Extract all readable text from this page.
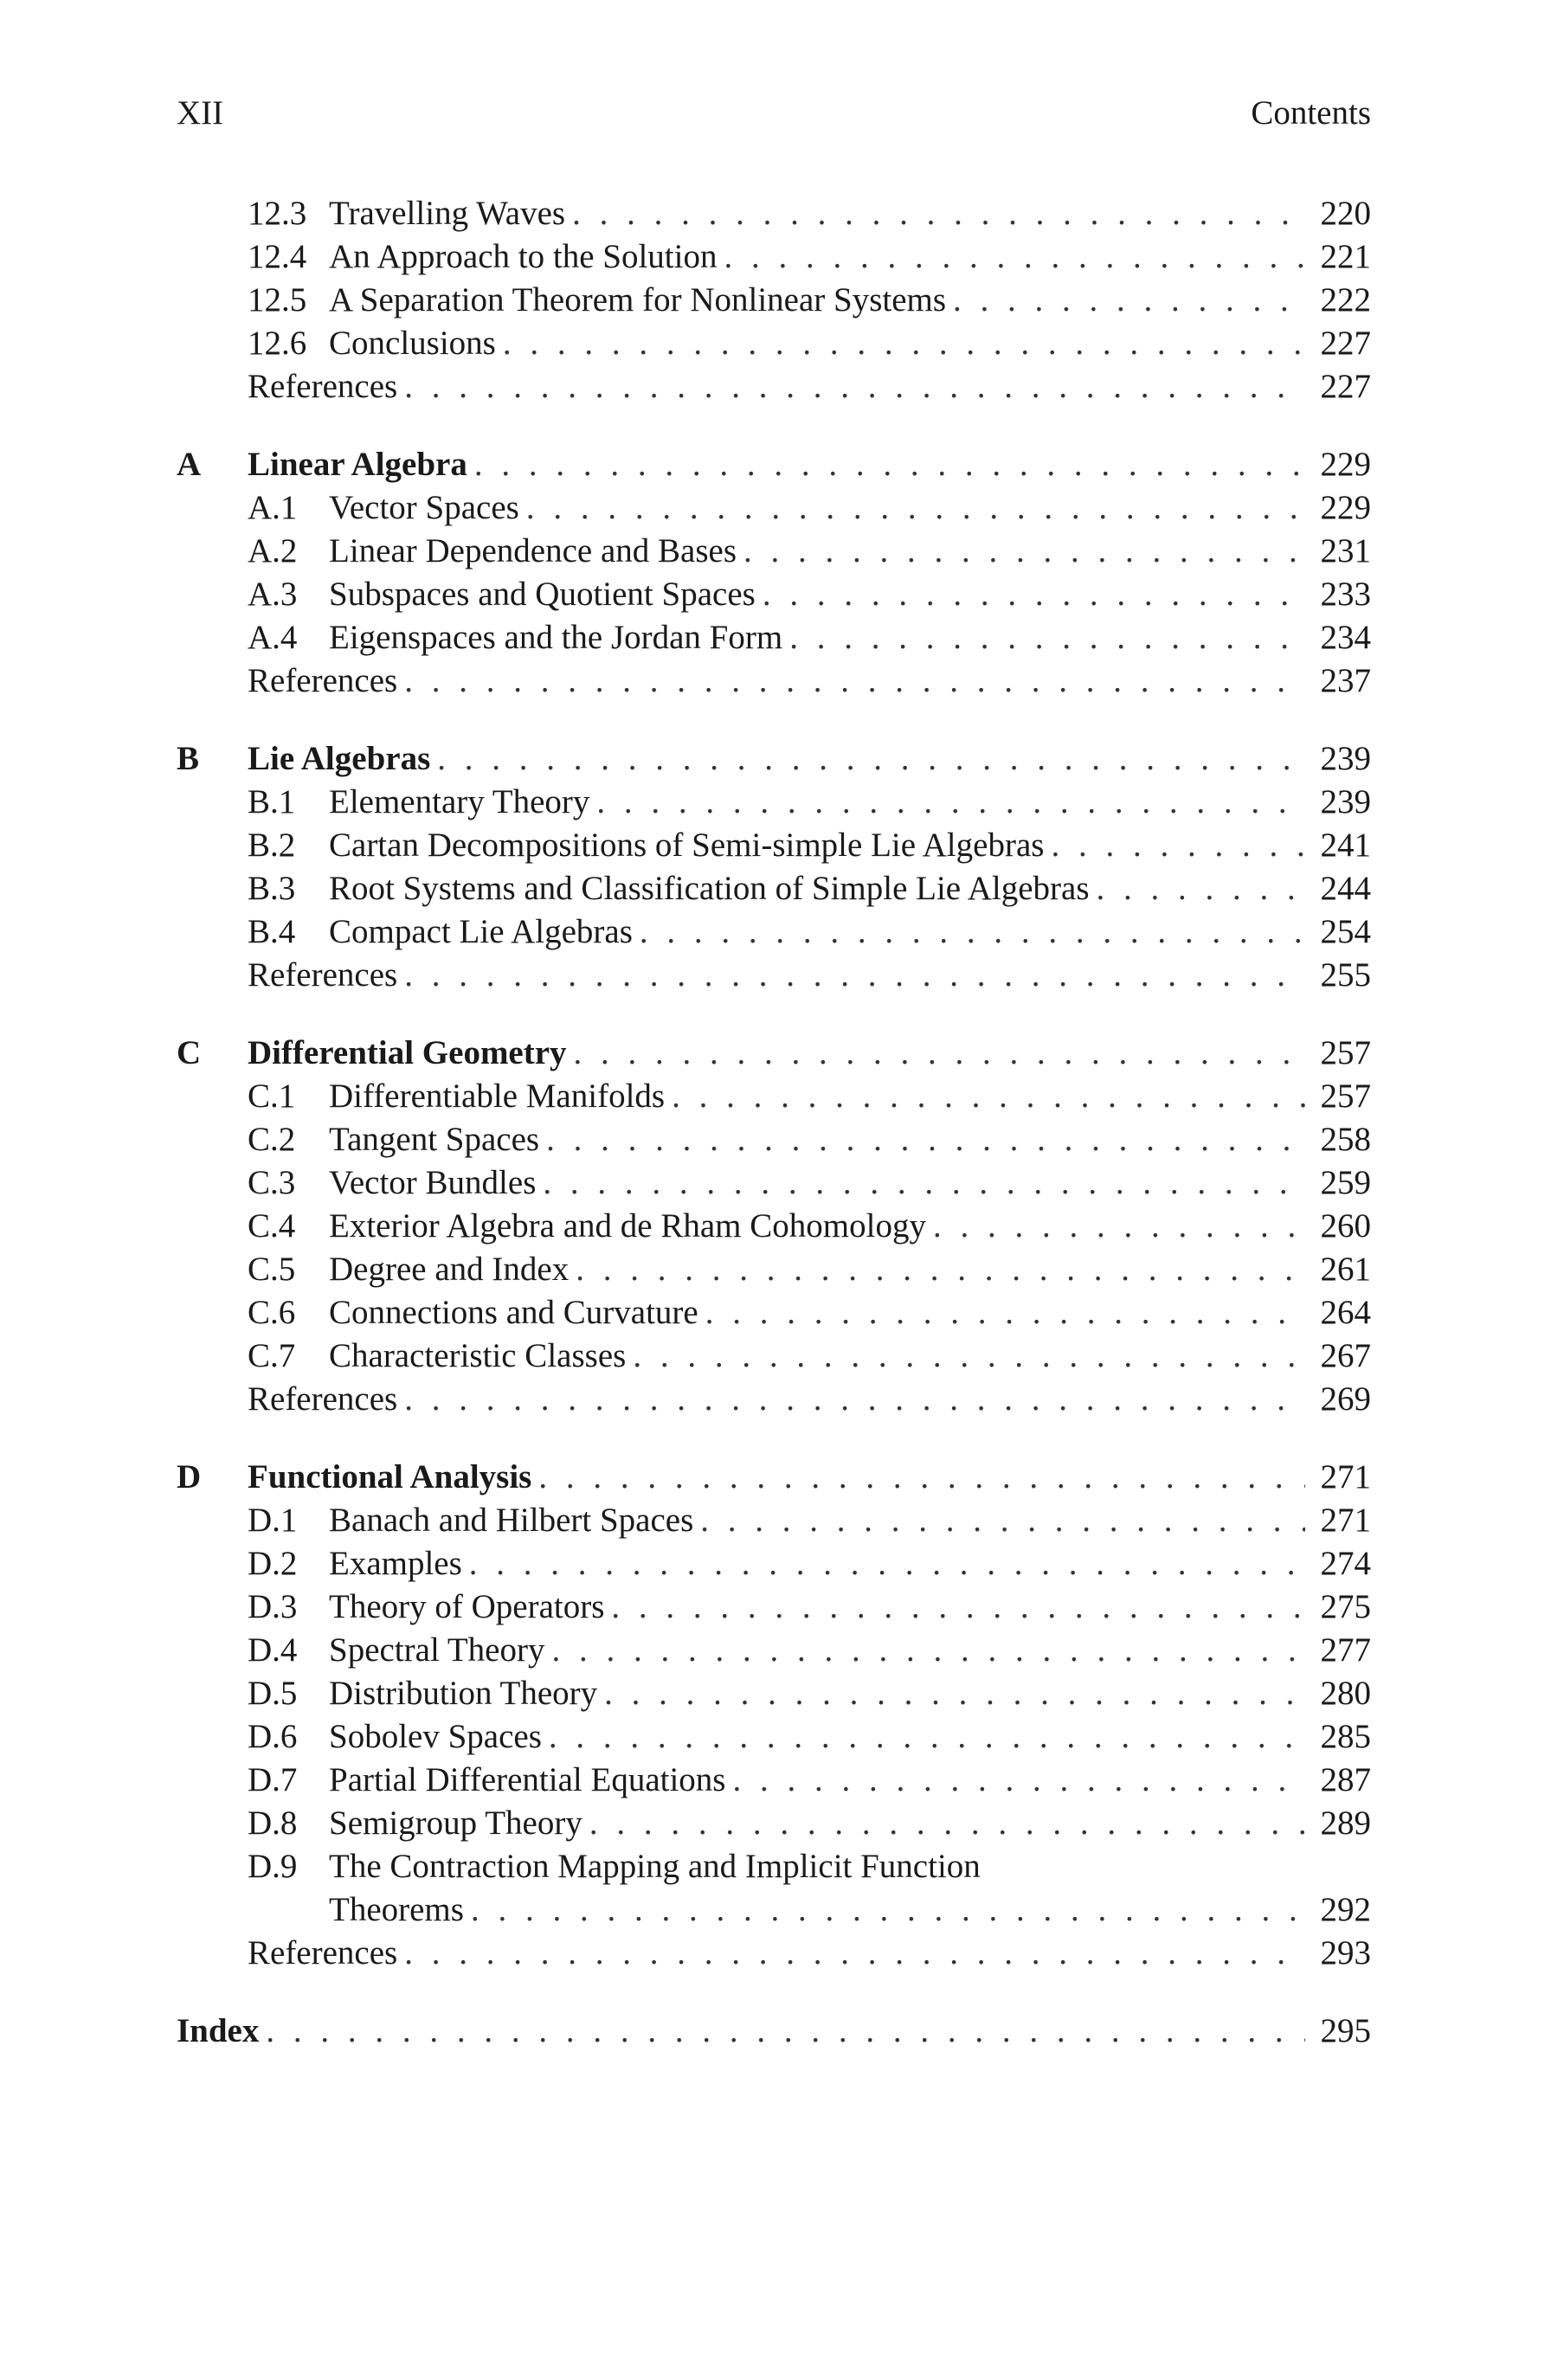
XII	Contents
12.3 Travelling Waves . . .	220
12.4 An Approach to the Solution . . .	221
12.5 A Separation Theorem for Nonlinear Systems . . .	222
12.6 Conclusions . . .	227
References . . .	227
A Linear Algebra . . .	229
A.1 Vector Spaces . . .	229
A.2 Linear Dependence and Bases . . .	231
A.3 Subspaces and Quotient Spaces . . .	233
A.4 Eigenspaces and the Jordan Form . . .	234
References . . .	237
B Lie Algebras . . .	239
B.1 Elementary Theory . . .	239
B.2 Cartan Decompositions of Semi-simple Lie Algebras . . .	241
B.3 Root Systems and Classification of Simple Lie Algebras . . .	244
B.4 Compact Lie Algebras . . .	254
References . . .	255
C Differential Geometry . . .	257
C.1 Differentiable Manifolds . . .	257
C.2 Tangent Spaces . . .	258
C.3 Vector Bundles . . .	259
C.4 Exterior Algebra and de Rham Cohomology . . .	260
C.5 Degree and Index . . .	261
C.6 Connections and Curvature . . .	264
C.7 Characteristic Classes . . .	267
References . . .	269
D Functional Analysis . . .	271
D.1 Banach and Hilbert Spaces . . .	271
D.2 Examples . . .	274
D.3 Theory of Operators . . .	275
D.4 Spectral Theory . . .	277
D.5 Distribution Theory . . .	280
D.6 Sobolev Spaces . . .	285
D.7 Partial Differential Equations . . .	287
D.8 Semigroup Theory . . .	289
D.9 The Contraction Mapping and Implicit Function
Theorems . . .	292
References . . .	293
Index . . .	295
